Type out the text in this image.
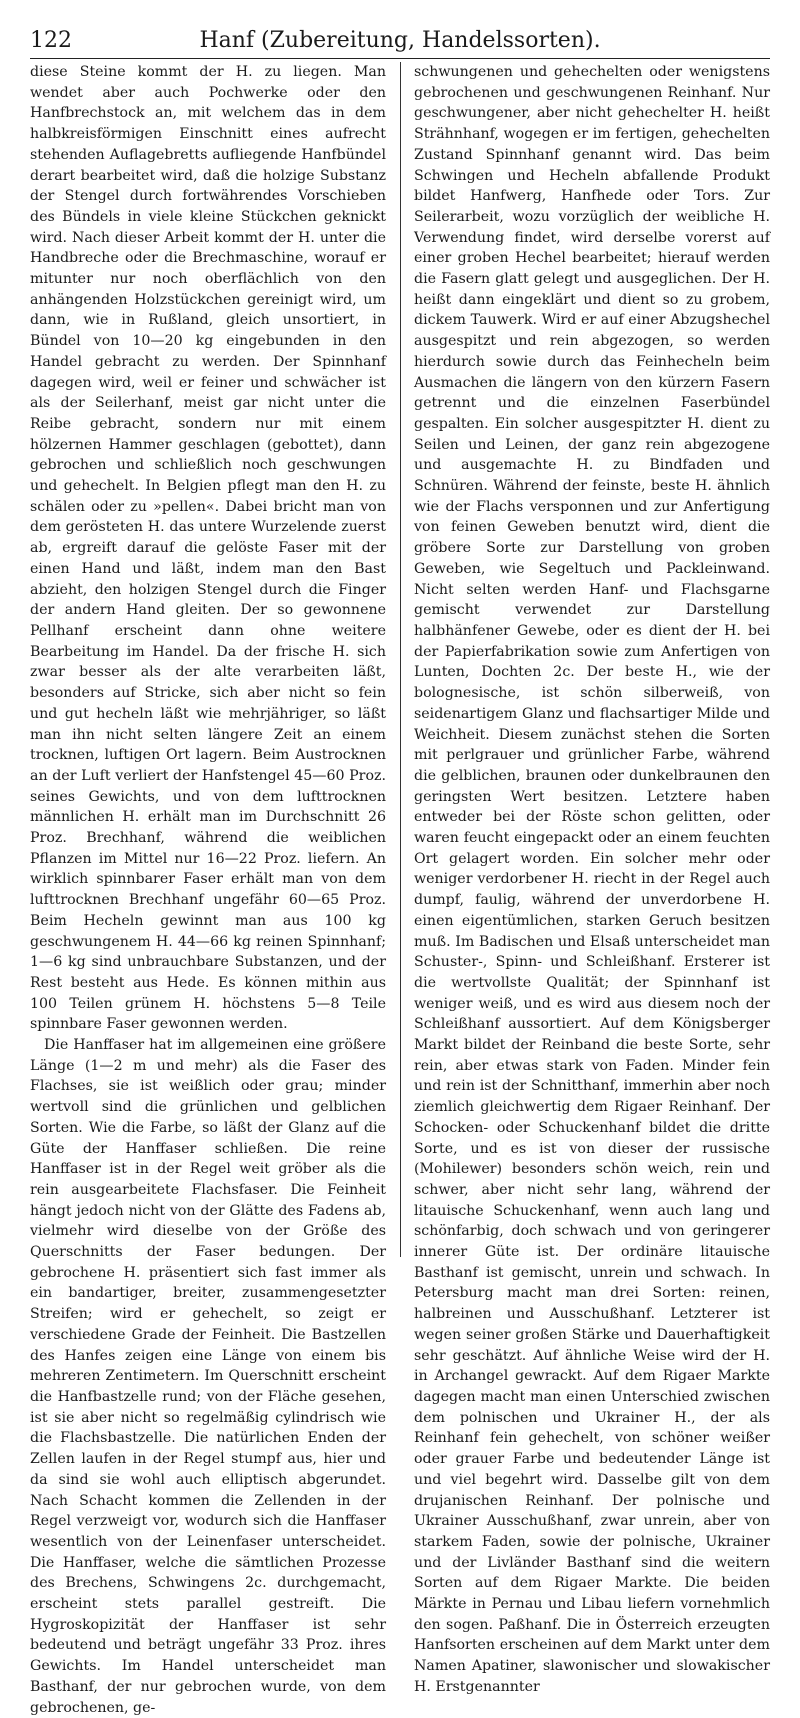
122	Hanf (Zubereitung, Handelssorten).

diese Steine kommt der H. zu liegen. Man wendet aber auch Pochwerke oder den Hanfbrechstock an, mit welchem das in dem halbkreisförmigen Einschnitt eines aufrecht stehenden Auflagebretts aufliegende Hanfbündel derart bearbeitet wird, daß die holzige Substanz der Stengel durch fortwährendes Vorschieben des Bündels in viele kleine Stückchen geknickt wird. Nach dieser Arbeit kommt der H. unter die Handbreche oder die Brechmaschine, worauf er mitunter nur noch oberflächlich von den anhängenden Holzstückchen gereinigt wird, um dann, wie in Rußland, gleich unsortiert, in Bündel von 10—20 kg eingebunden in den Handel gebracht zu werden. Der Spinnhanf dagegen wird, weil er feiner und schwächer ist als der Seilerhanf, meist gar nicht unter die Reibe gebracht, sondern nur mit einem hölzernen Hammer geschlagen (gebottet), dann gebrochen und schließlich noch geschwungen und gehechelt. In Belgien pflegt man den H. zu schälen oder zu »pellen«. Dabei bricht man von dem gerösteten H. das untere Wurzelende zuerst ab, ergreift darauf die gelöste Faser mit der einen Hand und läßt, indem man den Bast abzieht, den holzigen Stengel durch die Finger der andern Hand gleiten. Der so gewonnene Pellhanf erscheint dann ohne weitere Bearbeitung im Handel. Da der frische H. sich zwar besser als der alte verarbeiten läßt, besonders auf Stricke, sich aber nicht so fein und gut hecheln läßt wie mehrjähriger, so läßt man ihn nicht selten längere Zeit an einem trocknen, luftigen Ort lagern. Beim Austrocknen an der Luft verliert der Hanfstengel 45—60 Proz. seines Gewichts, und von dem lufttrocknen männlichen H. erhält man im Durchschnitt 26 Proz. Brechhanf, während die weiblichen Pflanzen im Mittel nur 16—22 Proz. liefern. An wirklich spinnbarer Faser erhält man von dem lufttrocknen Brechhanf ungefähr 60—65 Proz. Beim Hecheln gewinnt man aus 100 kg geschwungenem H. 44—66 kg reinen Spinnhanf; 1—6 kg sind unbrauchbare Substanzen, und der Rest besteht aus Hede. Es können mithin aus 100 Teilen grünem H. höchstens 5—8 Teile spinnbare Faser gewonnen werden.

Die Hanffaser hat im allgemeinen eine größere Länge (1—2 m und mehr) als die Faser des Flachses, sie ist weißlich oder grau; minder wertvoll sind die grünlichen und gelblichen Sorten. Wie die Farbe, so läßt der Glanz auf die Güte der Hanffaser schließen. Die reine Hanffaser ist in der Regel weit gröber als die rein ausgearbeitete Flachsfaser. Die Feinheit hängt jedoch nicht von der Glätte des Fadens ab, vielmehr wird dieselbe von der Größe des Querschnitts der Faser bedungen. Der gebrochene H. präsentiert sich fast immer als ein bandartiger, breiter, zusammengesetzter Streifen; wird er gehechelt, so zeigt er verschiedene Grade der Feinheit. Die Bastzellen des Hanfes zeigen eine Länge von einem bis mehreren Zentimetern. Im Querschnitt erscheint die Hanfbastzelle rund; von der Fläche gesehen, ist sie aber nicht so regelmäßig cylindrisch wie die Flachsbastzelle. Die natürlichen Enden der Zellen laufen in der Regel stumpf aus, hier und da sind sie wohl auch elliptisch abgerundet. Nach Schacht kommen die Zellenden in der Regel verzweigt vor, wodurch sich die Hanffaser wesentlich von der Leinenfaser unterscheidet. Die Hanffaser, welche die sämtlichen Prozesse des Brechens, Schwingens 2c. durchgemacht, erscheint stets parallel gestreift. Die Hygroskopizität der Hanffaser ist sehr bedeutend und beträgt ungefähr 33 Proz. ihres Gewichts. Im Handel unterscheidet man Basthanf, der nur gebrochen wurde, von dem gebrochenen, ge-

schwungenen und gehechelten oder wenigstens gebrochenen und geschwungenen Reinhanf. Nur geschwungener, aber nicht gehechelter H. heißt Strähnhanf, wogegen er im fertigen, gehechelten Zustand Spinnhanf genannt wird. Das beim Schwingen und Hecheln abfallende Produkt bildet Hanfwerg, Hanfhede oder Tors. Zur Seilerarbeit, wozu vorzüglich der weibliche H. Verwendung findet, wird derselbe vorerst auf einer groben Hechel bearbeitet; hierauf werden die Fasern glatt gelegt und ausgeglichen. Der H. heißt dann eingeklärt und dient so zu grobem, dickem Tauwerk. Wird er auf einer Abzugshechel ausgespitzt und rein abgezogen, so werden hierdurch sowie durch das Feinhecheln beim Ausmachen die längern von den kürzern Fasern getrennt und die einzelnen Faserbündel gespalten. Ein solcher ausgespitzter H. dient zu Seilen und Leinen, der ganz rein abgezogene und ausgemachte H. zu Bindfaden und Schnüren. Während der feinste, beste H. ähnlich wie der Flachs versponnen und zur Anfertigung von feinen Geweben benutzt wird, dient die gröbere Sorte zur Darstellung von groben Geweben, wie Segeltuch und Packleinwand. Nicht selten werden Hanf- und Flachsgarne gemischt verwendet zur Darstellung halbhänfener Gewebe, oder es dient der H. bei der Papierfabrikation sowie zum Anfertigen von Lunten, Dochten 2c. Der beste H., wie der bolognesische, ist schön silberweiß, von seidenartigem Glanz und flachsartiger Milde und Weichheit. Diesem zunächst stehen die Sorten mit perlgrauer und grünlicher Farbe, während die gelblichen, braunen oder dunkelbraunen den geringsten Wert besitzen. Letztere haben entweder bei der Röste schon gelitten, oder waren feucht eingepackt oder an einem feuchten Ort gelagert worden. Ein solcher mehr oder weniger verdorbener H. riecht in der Regel auch dumpf, faulig, während der unverdorbene H. einen eigentümlichen, starken Geruch besitzen muß. Im Badischen und Elsaß unterscheidet man Schuster-, Spinn- und Schleißhanf. Ersterer ist die wertvollste Qualität; der Spinnhanf ist weniger weiß, und es wird aus diesem noch der Schleißhanf aussortiert. Auf dem Königsberger Markt bildet der Reinband die beste Sorte, sehr rein, aber etwas stark von Faden. Minder fein und rein ist der Schnitthanf, immerhin aber noch ziemlich gleichwertig dem Rigaer Reinhanf. Der Schocken- oder Schuckenhanf bildet die dritte Sorte, und es ist von dieser der russische (Mohilewer) besonders schön weich, rein und schwer, aber nicht sehr lang, während der litauische Schuckenhanf, wenn auch lang und schönfarbig, doch schwach und von geringerer innerer Güte ist. Der ordinäre litauische Basthanf ist gemischt, unrein und schwach. In Petersburg macht man drei Sorten: reinen, halbreinen und Ausschußhanf. Letzterer ist wegen seiner großen Stärke und Dauerhaftigkeit sehr geschätzt. Auf ähnliche Weise wird der H. in Archangel gewrackt. Auf dem Rigaer Markte dagegen macht man einen Unterschied zwischen dem polnischen und Ukrainer H., der als Reinhanf fein gehechelt, von schöner weißer oder grauer Farbe und bedeutender Länge ist und viel begehrt wird. Dasselbe gilt von dem drujanischen Reinhanf. Der polnische und Ukrainer Ausschußhanf, zwar unrein, aber von starkem Faden, sowie der polnische, Ukrainer und der Livländer Basthanf sind die weitern Sorten auf dem Rigaer Markte. Die beiden Märkte in Pernau und Libau liefern vornehmlich den sogen. Paßhanf. Die in Österreich erzeugten Hanfsorten erscheinen auf dem Markt unter dem Namen Apatiner, slawonischer und slowakischer H. Erstgenannter
